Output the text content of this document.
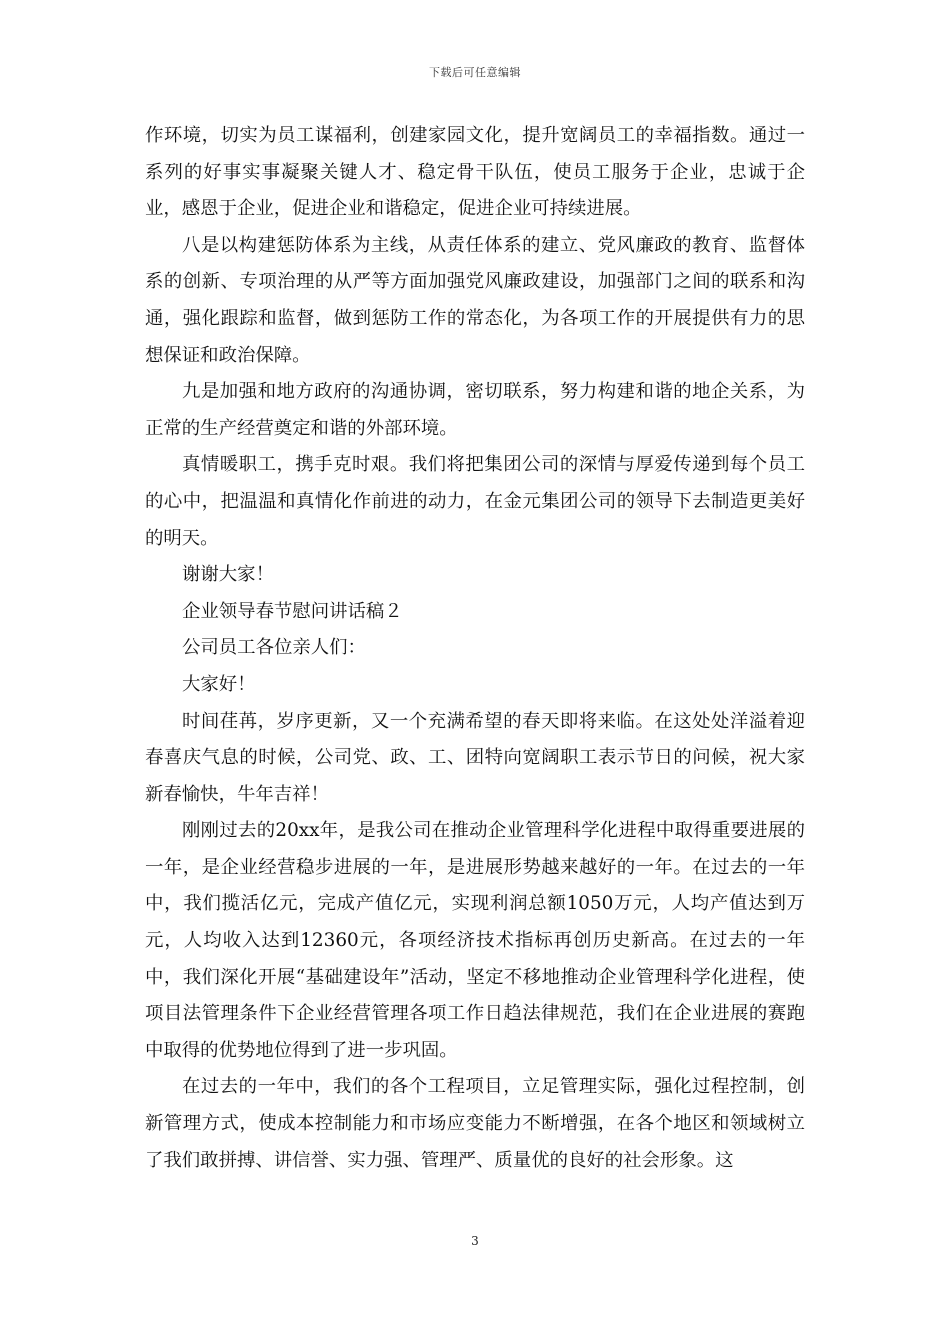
下载后可任意编辑

作环境，切实为员工谋福利，创建家园文化，提升宽阔员工的幸福指数。通过一系列的好事实事凝聚关键人才、稳定骨干队伍，使员工服务于企业，忠诚于企业，感恩于企业，促进企业和谐稳定，促进企业可持续进展。

八是以构建惩防体系为主线，从责任体系的建立、党风廉政的教育、监督体系的创新、专项治理的从严等方面加强党风廉政建设，加强部门之间的联系和沟通，强化跟踪和监督，做到惩防工作的常态化，为各项工作的开展提供有力的思想保证和政治保障。

九是加强和地方政府的沟通协调，密切联系，努力构建和谐的地企关系，为正常的生产经营奠定和谐的外部环境。

真情暖职工，携手克时艰。我们将把集团公司的深情与厚爱传递到每个员工的心中，把温温和真情化作前进的动力，在金元集团公司的领导下去制造更美好的明天。

谢谢大家！

企业领导春节慰问讲话稿２

公司员工各位亲人们：

大家好！

时间荏苒，岁序更新，又一个充满希望的春天即将来临。在这处处洋溢着迎春喜庆气息的时候，公司党、政、工、团特向宽阔职工表示节日的问候，祝大家新春愉快，牛年吉祥！

刚刚过去的20xx年，是我公司在推动企业管理科学化进程中取得重要进展的一年，是企业经营稳步进展的一年，是进展形势越来越好的一年。在过去的一年中，我们揽活亿元，完成产值亿元，实现利润总额1050万元，人均产值达到万元，人均收入达到12360元，各项经济技术指标再创历史新高。在过去的一年中，我们深化开展“基础建设年”活动，坚定不移地推动企业管理科学化进程，使项目法管理条件下企业经营管理各项工作日趋法律规范，我们在企业进展的赛跑中取得的优势地位得到了进一步巩固。

在过去的一年中，我们的各个工程项目，立足管理实际，强化过程控制，创新管理方式，使成本控制能力和市场应变能力不断增强，在各个地区和领域树立了我们敢拼搏、讲信誉、实力强、管理严、质量优的良好的社会形象。这

3
